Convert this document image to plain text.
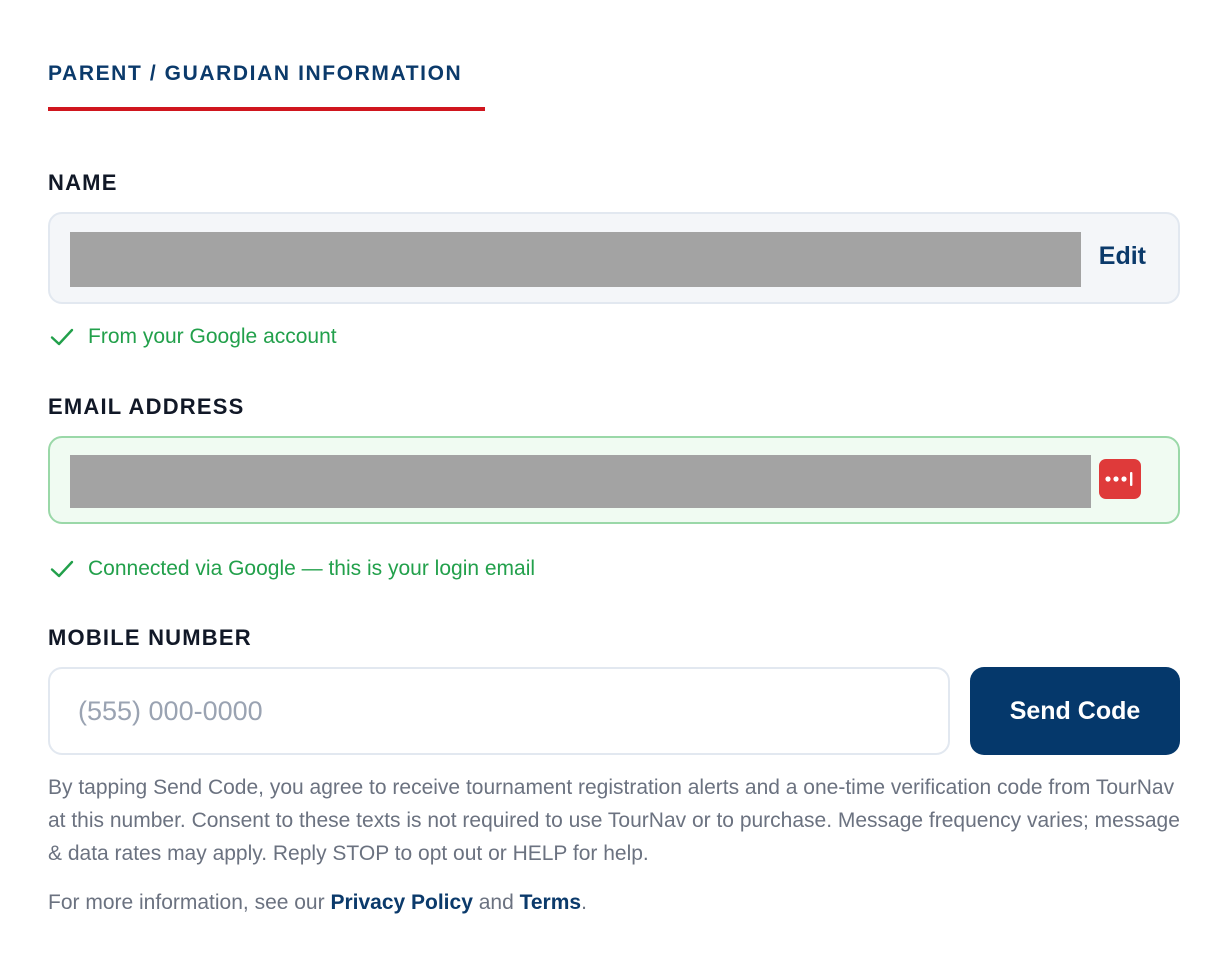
PARENT / GUARDIAN INFORMATION
NAME
Edit
From your Google account
EMAIL ADDRESS
Connected via Google — this is your login email
MOBILE NUMBER
(555) 000-0000
Send Code
By tapping Send Code, you agree to receive tournament registration alerts and a one-time verification code from TourNav at this number. Consent to these texts is not required to use TourNav or to purchase. Message frequency varies; message & data rates may apply. Reply STOP to opt out or HELP for help.
For more information, see our Privacy Policy and Terms.
